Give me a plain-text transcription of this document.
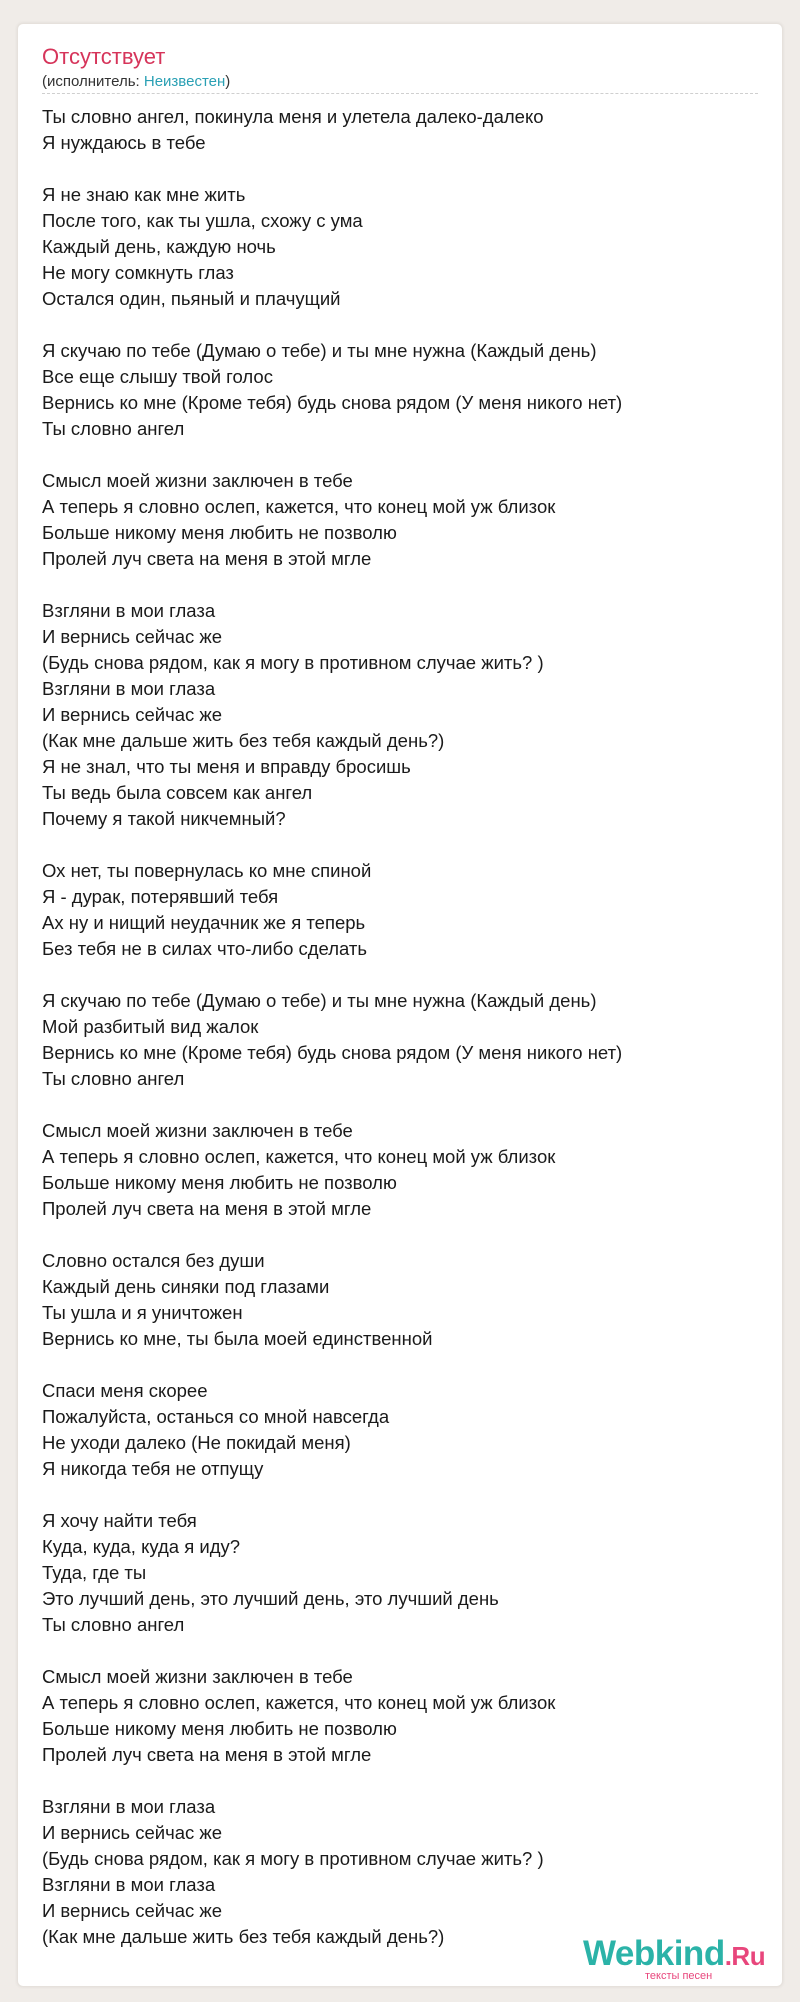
Отсутствует
(исполнитель: Неизвестен)
Ты словно ангел, покинула меня и улетела далеко-далеко
Я нуждаюсь в тебе
Я не знаю как мне жить
После того, как ты ушла, схожу с ума
Каждый день, каждую ночь
Не могу сомкнуть глаз
Остался один, пьяный и плачущий
Я скучаю по тебе (Думаю о тебе) и ты мне нужна (Каждый день)
Все еще слышу твой голос
Вернись ко мне (Кроме тебя) будь снова рядом (У меня никого нет)
Ты словно ангел
Смысл моей жизни заключен в тебе
А теперь я словно ослеп, кажется, что конец мой уж близок
Больше никому меня любить не позволю
Пролей луч света на меня в этой мгле
Взгляни в мои глаза
И вернись сейчас же
(Будь снова рядом, как я могу в противном случае жить? )
Взгляни в мои глаза
И вернись сейчас же
(Как мне дальше жить без тебя каждый день?)
Я не знал, что ты меня и вправду бросишь
Ты ведь была совсем как ангел
Почему я такой никчемный?
Ох нет, ты повернулась ко мне спиной
Я - дурак, потерявший тебя
Ах ну и нищий неудачник же я теперь
Без тебя не в силах что-либо сделать
Я скучаю по тебе (Думаю о тебе) и ты мне нужна (Каждый день)
Мой разбитый вид жалок
Вернись ко мне (Кроме тебя) будь снова рядом (У меня никого нет)
Ты словно ангел
Смысл моей жизни заключен в тебе
А теперь я словно ослеп, кажется, что конец мой уж близок
Больше никому меня любить не позволю
Пролей луч света на меня в этой мгле
Словно остался без души
Каждый день синяки под глазами
Ты ушла и я уничтожен
Вернись ко мне, ты была моей единственной
Спаси меня скорее
Пожалуйста, останься со мной навсегда
Не уходи далеко (Не покидай меня)
Я никогда тебя не отпущу
Я хочу найти тебя
Куда, куда, куда я иду?
Туда, где ты
Это лучший день, это лучший день, это лучший день
Ты словно ангел
Смысл моей жизни заключен в тебе
А теперь я словно ослеп, кажется, что конец мой уж близок
Больше никому меня любить не позволю
Пролей луч света на меня в этой мгле
Взгляни в мои глаза
И вернись сейчас же
(Будь снова рядом, как я могу в противном случае жить? )
Взгляни в мои глаза
И вернись сейчас же
(Как мне дальше жить без тебя каждый день?)	Webkind.Ru
тексты песен
